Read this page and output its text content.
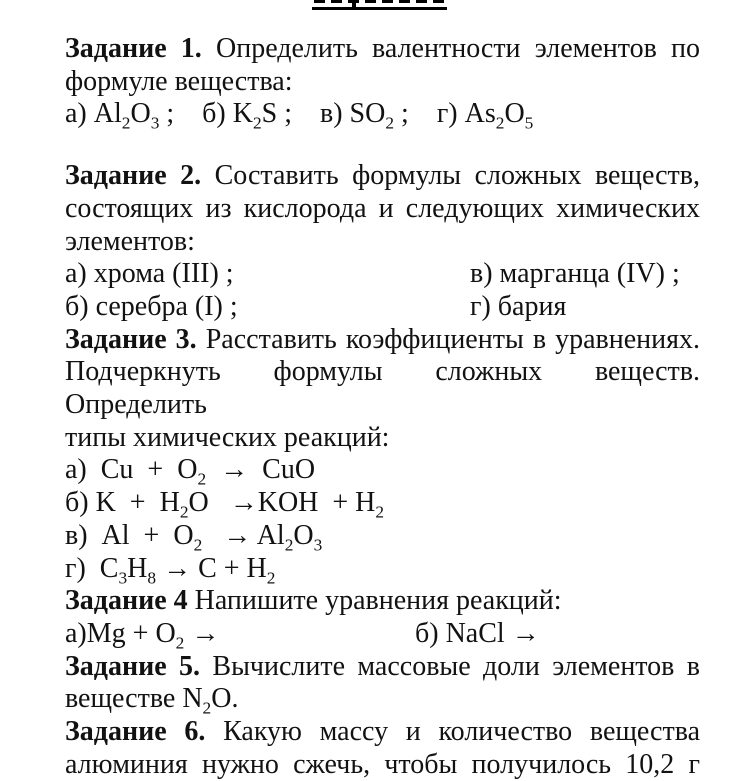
Задание 1. Определить валентности элементов по
формуле вещества:
а) $Al_2O_3$ ; б) $K_2S$ ; в) $SO_2$ ; г) $As_2O_5$
Задание 2. Составить формулы сложных веществ,
состоящих из кислорода и следующих химических
элементов:
а) хрома (III) ;	в) марганца (IV) ;
б) серебра (I) ;	г) бария
Задание 3. Расставить коэффициенты в уравнениях.
Подчеркнуть формулы сложных веществ. Определить
типы химических реакций:
а)  $Cu + O_2$  →  CuO
б) $K + H_2O \to KOH + H_2$
в)  $Al + O_2 \to Al_2O_3$
г)  $C_3H_8 \to C + H_2$
Задание 4 Напишите уравнения реакций:
$а)Mg + O_2$ →	б) NaCl →
Задание 5. Вычислите массовые доли элементов в
веществе $N_2O$.
Задание 6. Какую массу и количество вещества
алюминия нужно сжечь, чтобы получилось 10,2 г
